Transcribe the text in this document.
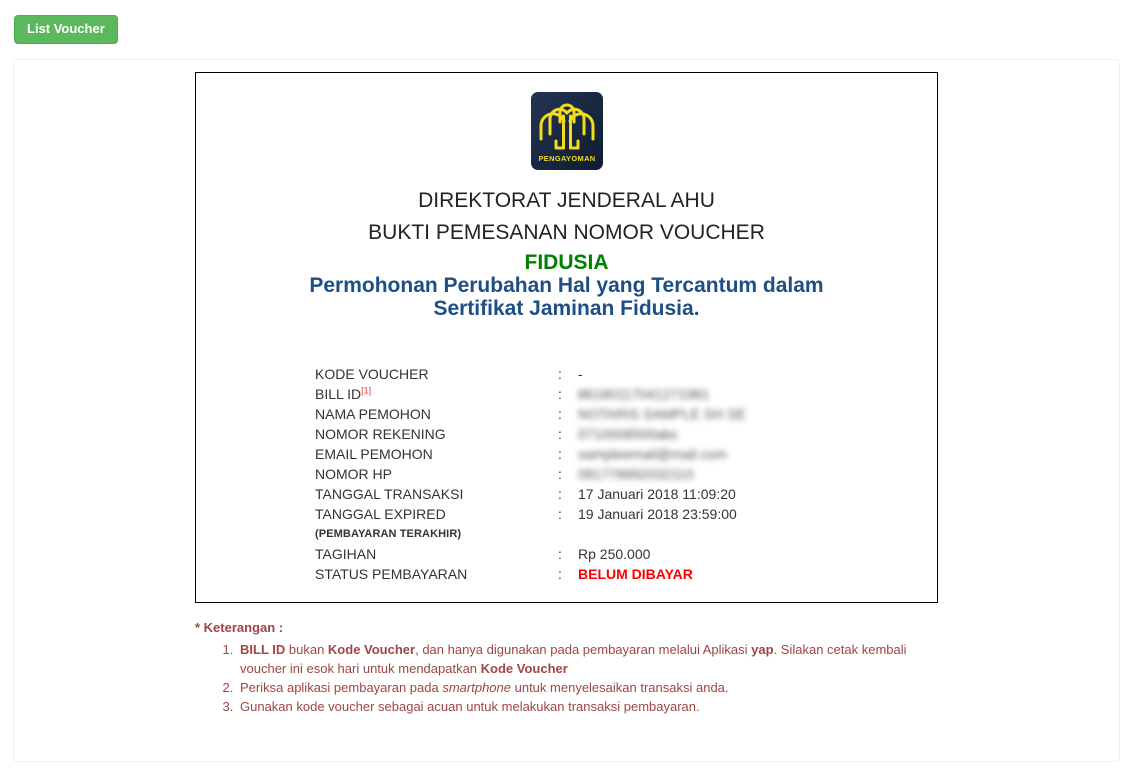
List Voucher
PENGAYOMAN
DIREKTORAT JENDERAL AHU
BUKTI PEMESANAN NOMOR VOUCHER
FIDUSIA
Permohonan Perubahan Hal yang Tercantum dalam Sertifikat Jaminan Fidusia.
KODE VOUCHER	:	-
BILL ID[1]	:	86180117041271981
NAMA PEMOHON	:	NOTARIS SAMPLE SH SE
NOMOR REKENING	:	0710008500abc
EMAIL PEMOHON	:	sampleemail@mail.com
NOMOR HP	:	081778892032110
TANGGAL TRANSAKSI	:	17 Januari 2018 11:09:20
TANGGAL EXPIRED	:	19 Januari 2018 23:59:00
(PEMBAYARAN TERAKHIR)
TAGIHAN	:	Rp 250.000
STATUS PEMBAYARAN	:	BELUM DIBAYAR
* Keterangan :
1. BILL ID bukan Kode Voucher, dan hanya digunakan pada pembayaran melalui Aplikasi yap. Silakan cetak kembali voucher ini esok hari untuk mendapatkan Kode Voucher
2. Periksa aplikasi pembayaran pada smartphone untuk menyelesaikan transaksi anda.
3. Gunakan kode voucher sebagai acuan untuk melakukan transaksi pembayaran.
